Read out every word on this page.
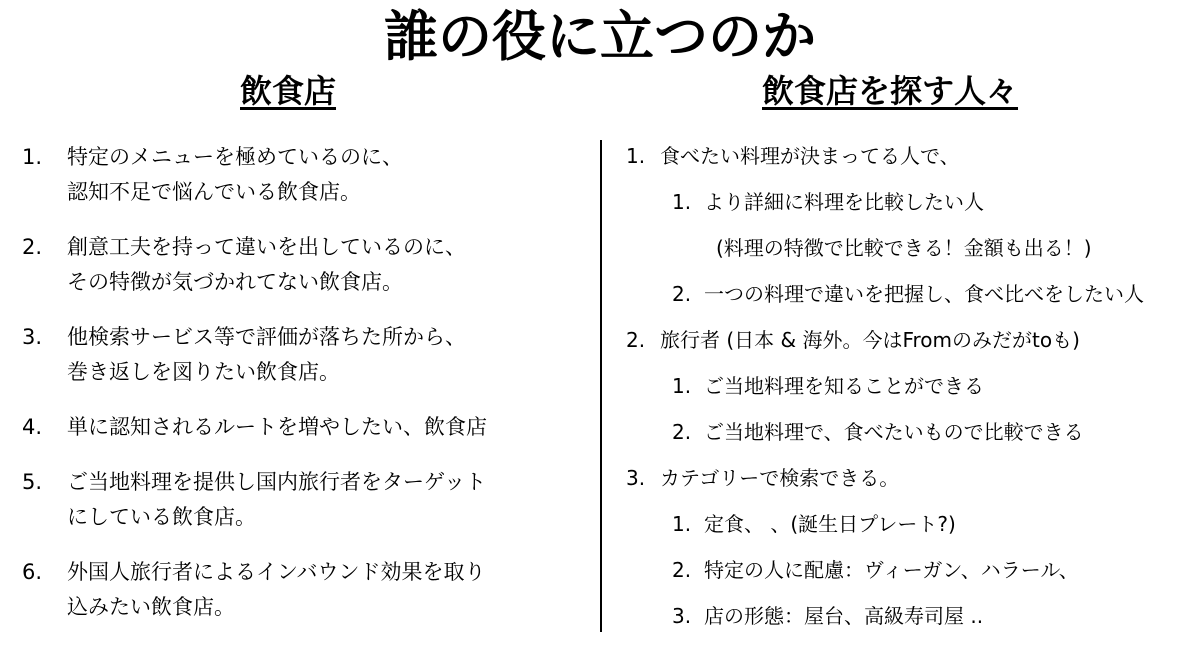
誰の役に立つのか
飲食店	飲食店を探す人々
1. 特定のメニューを極めているのに、
認知不足で悩んでいる飲食店。
2. 創意工夫を持って違いを出しているのに、
その特徴が気づかれてない飲食店。
3. 他検索サービス等で評価が落ちた所から、
巻き返しを図りたい飲食店。
4. 単に認知されるルートを増やしたい、飲食店
5. ご当地料理を提供し国内旅行者をターゲット
にしている飲食店。
6. 外国人旅行者によるインバウンド効果を取り
込みたい飲食店。
1. 食べたい料理が決まってる人で、
1. より詳細に料理を比較したい人
(料理の特徴で比較できる！金額も出る！)
2. 一つの料理で違いを把握し、食べ比べをしたい人
2. 旅行者 (日本 & 海外。今はFromのみだがtoも)
1. ご当地料理を知ることができる
2. ご当地料理で、食べたいもので比較できる
3. カテゴリーで検索できる。
1. 定食、 、(誕生日プレート?)
2. 特定の人に配慮：ヴィーガン、ハラール、
3. 店の形態：屋台、高級寿司屋 ..
